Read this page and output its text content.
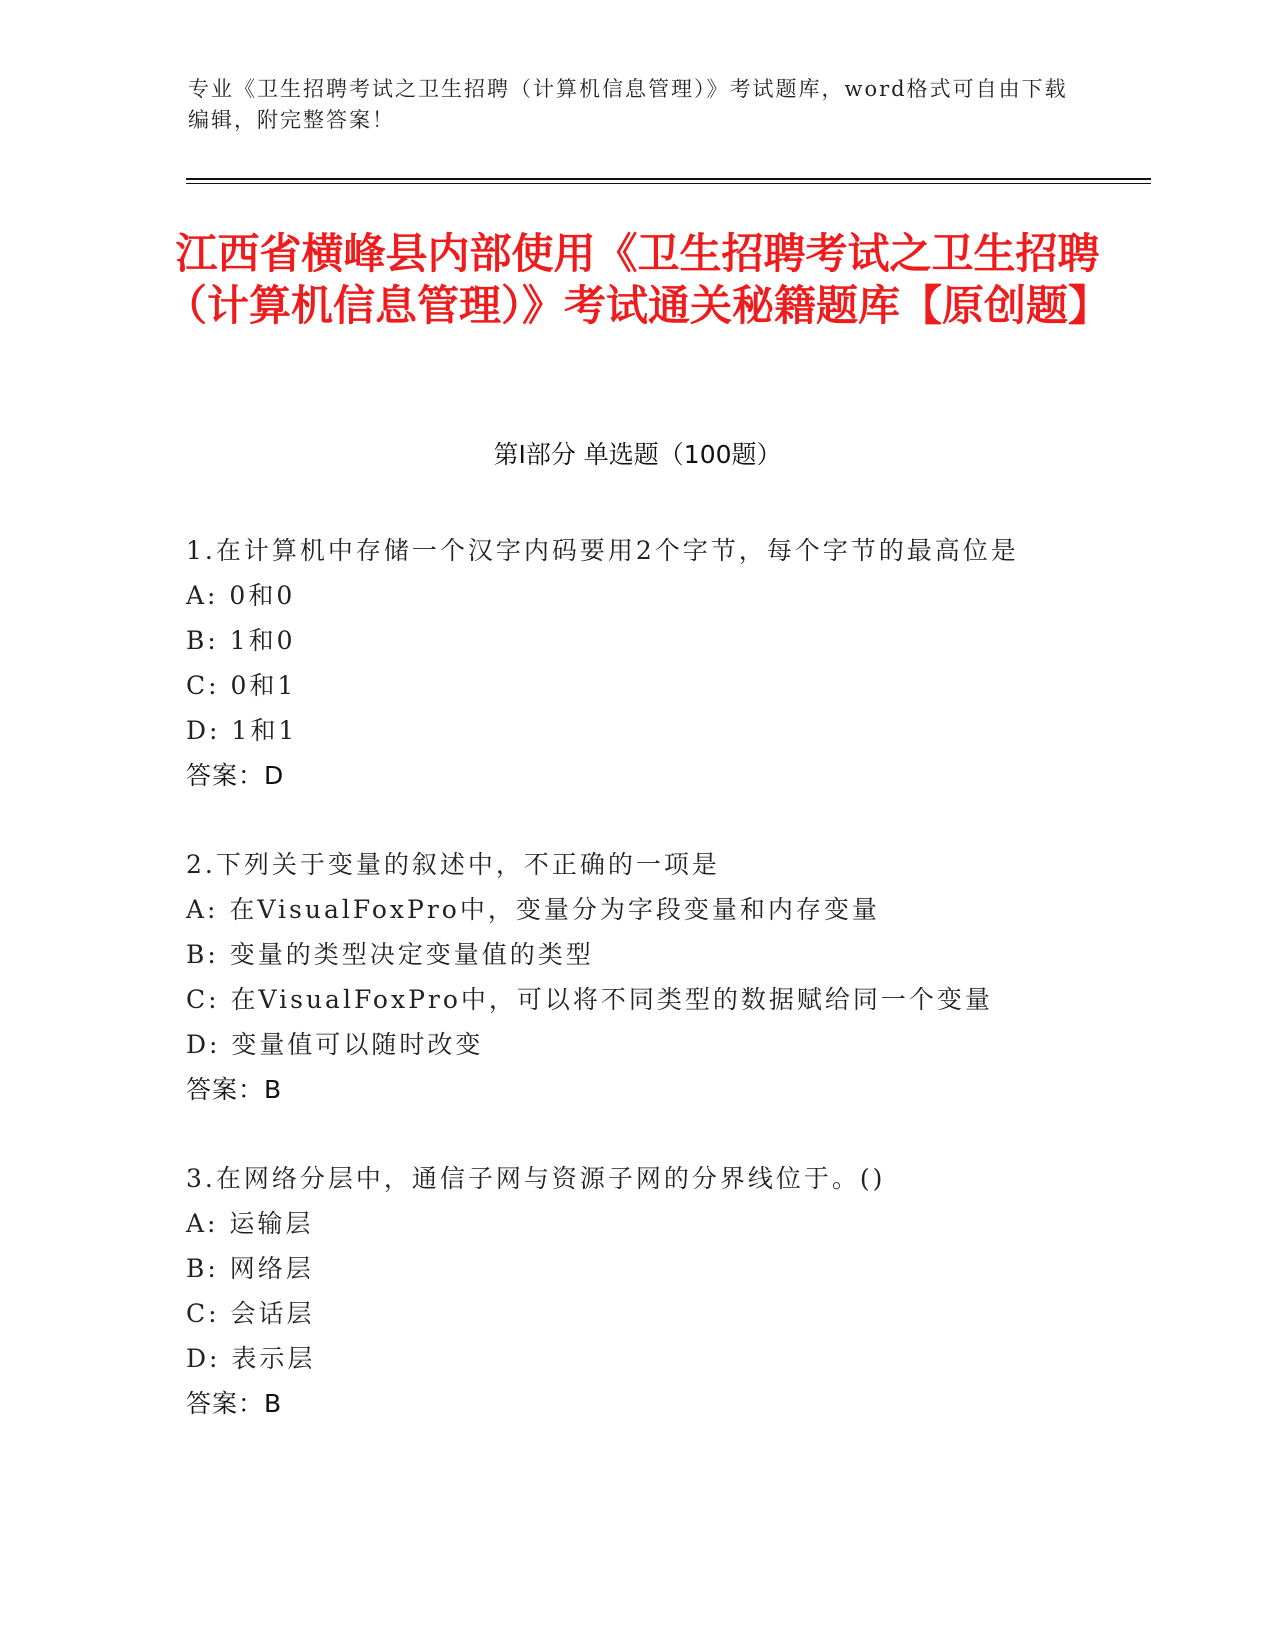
专业《卫生招聘考试之卫生招聘（计算机信息管理）》考试题库，word格式可自由下载编辑，附完整答案！
江西省横峰县内部使用《卫生招聘考试之卫生招聘（计算机信息管理）》考试通关秘籍题库【原创题】
第Ⅰ部分 单选题（100题）
1.在计算机中存储一个汉字内码要用2个字节，每个字节的最高位是
A: 0和0
B: 1和0
C: 0和1
D: 1和1
答案：D
2.下列关于变量的叙述中，不正确的一项是
A: 在VisualFoxPro中，变量分为字段变量和内存变量
B: 变量的类型决定变量值的类型
C: 在VisualFoxPro中，可以将不同类型的数据赋给同一个变量
D: 变量值可以随时改变
答案：B
3.在网络分层中，通信子网与资源子网的分界线位于。()
A: 运输层
B: 网络层
C: 会话层
D: 表示层
答案：B
